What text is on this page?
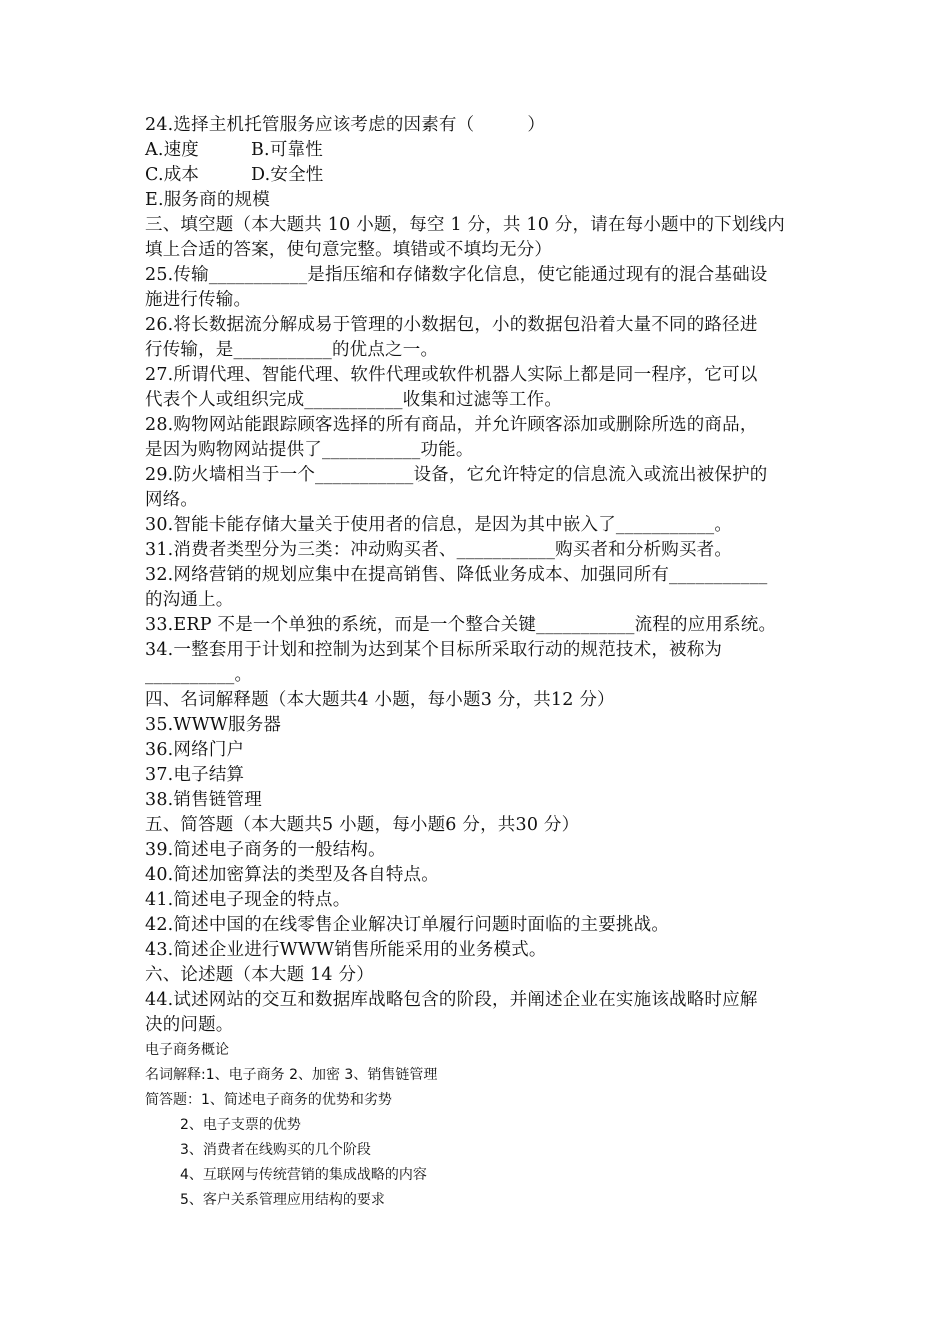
24.选择主机托管服务应该考虑的因素有（　　　）
A.速度	B.可靠性
C.成本	D.安全性
E.服务商的规模
三、填空题（本大题共 10 小题，每空 1 分，共 10 分，请在每小题中的下划线内
填上合适的答案，使句意完整。填错或不填均无分）
25.传输___________是指压缩和存储数字化信息，使它能通过现有的混合基础设
施进行传输。
26.将长数据流分解成易于管理的小数据包，小的数据包沿着大量不同的路径进
行传输，是___________的优点之一。
27.所谓代理、智能代理、软件代理或软件机器人实际上都是同一程序，它可以
代表个人或组织完成___________收集和过滤等工作。
28.购物网站能跟踪顾客选择的所有商品，并允许顾客添加或删除所选的商品，
是因为购物网站提供了___________功能。
29.防火墙相当于一个___________设备，它允许特定的信息流入或流出被保护的
网络。
30.智能卡能存储大量关于使用者的信息，是因为其中嵌入了___________。
31.消费者类型分为三类：冲动购买者、___________购买者和分析购买者。
32.网络营销的规划应集中在提高销售、降低业务成本、加强同所有___________
的沟通上。
33.ERP 不是一个单独的系统，而是一个整合关键___________流程的应用系统。
34.一整套用于计划和控制为达到某个目标所采取行动的规范技术，被称为
__________。
四、名词解释题（本大题共4 小题，每小题3 分，共12 分）
35.WWW服务器
36.网络门户
37.电子结算
38.销售链管理
五、简答题（本大题共5 小题，每小题6 分，共30 分）
39.简述电子商务的一般结构。
40.简述加密算法的类型及各自特点。
41.简述电子现金的特点。
42.简述中国的在线零售企业解决订单履行问题时面临的主要挑战。
43.简述企业进行WWW销售所能采用的业务模式。
六、论述题（本大题 14 分）
44.试述网站的交互和数据库战略包含的阶段，并阐述企业在实施该战略时应解
决的问题。
电子商务概论
名词解释:1、电子商务 2、加密 3、销售链管理
简答题：1、简述电子商务的优势和劣势
2、电子支票的优势
3、消费者在线购买的几个阶段
4、互联网与传统营销的集成战略的内容
5、客户关系管理应用结构的要求
